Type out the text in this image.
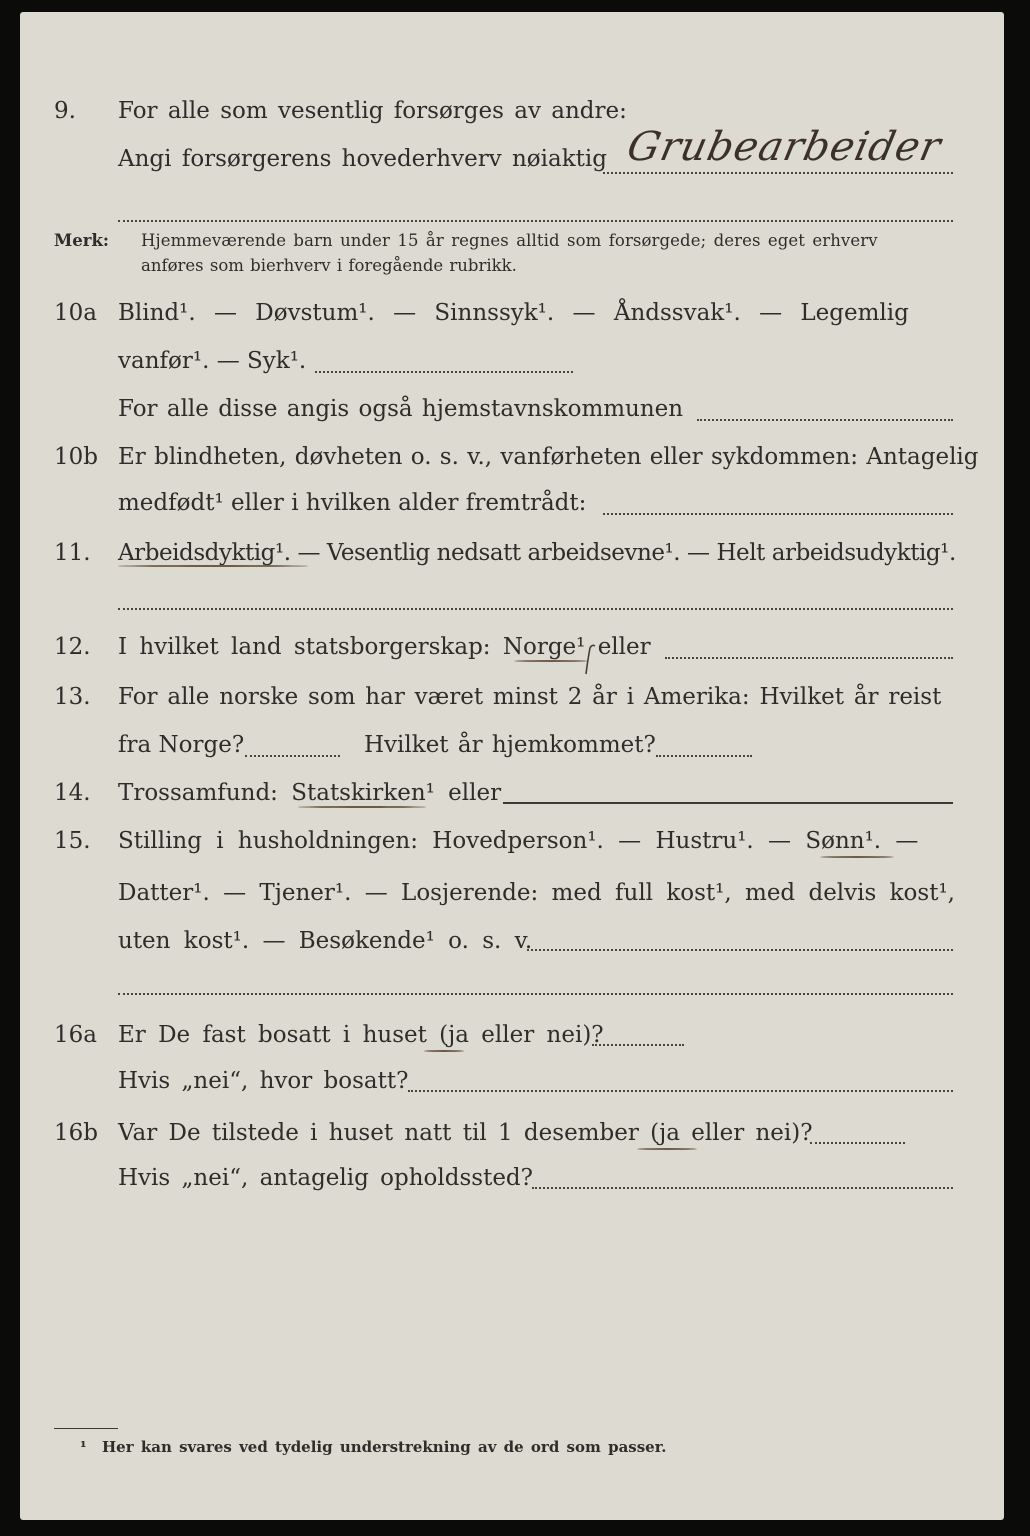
9. For alle som vesentlig forsørges av andre:
Angi forsørgerens hovederhverv nøiaktig Grubearbeider
Merk: Hjemmeværende barn under 15 år regnes alltid som forsørgede; deres eget erhverv
anføres som bierhverv i foregående rubrikk.
10a Blind¹. — Døvstum¹. — Sinnssyk¹. — Åndssvak¹. — Legemlig
vanfør¹. — Syk¹.
For alle disse angis også hjemstavnskommunen
10b Er blindheten, døvheten o. s. v., vanførheten eller sykdommen: Antagelig
medfødt¹ eller i hvilken alder fremtrådt:
11. Arbeidsdyktig¹. — Vesentlig nedsatt arbeidsevne¹. — Helt arbeidsudyktig¹.
12. I hvilket land statsborgerskap: Norge¹ eller
13. For alle norske som har været minst 2 år i Amerika: Hvilket år reist
fra Norge?	Hvilket år hjemkommet?
14. Trossamfund: Statskirken¹ eller
15. Stilling i husholdningen: Hovedperson¹. — Hustru¹. — Sønn¹. —
Datter¹. — Tjener¹. — Losjerende: med full kost¹, med delvis kost¹,
uten kost¹. — Besøkende¹ o. s. v.
16a Er De fast bosatt i huset (ja eller nei)?
Hvis „nei“, hvor bosatt?
16b Var De tilstede i huset natt til 1 desember (ja eller nei)?
Hvis „nei“, antagelig opholdssted?
¹ Her kan svares ved tydelig understrekning av de ord som passer.
